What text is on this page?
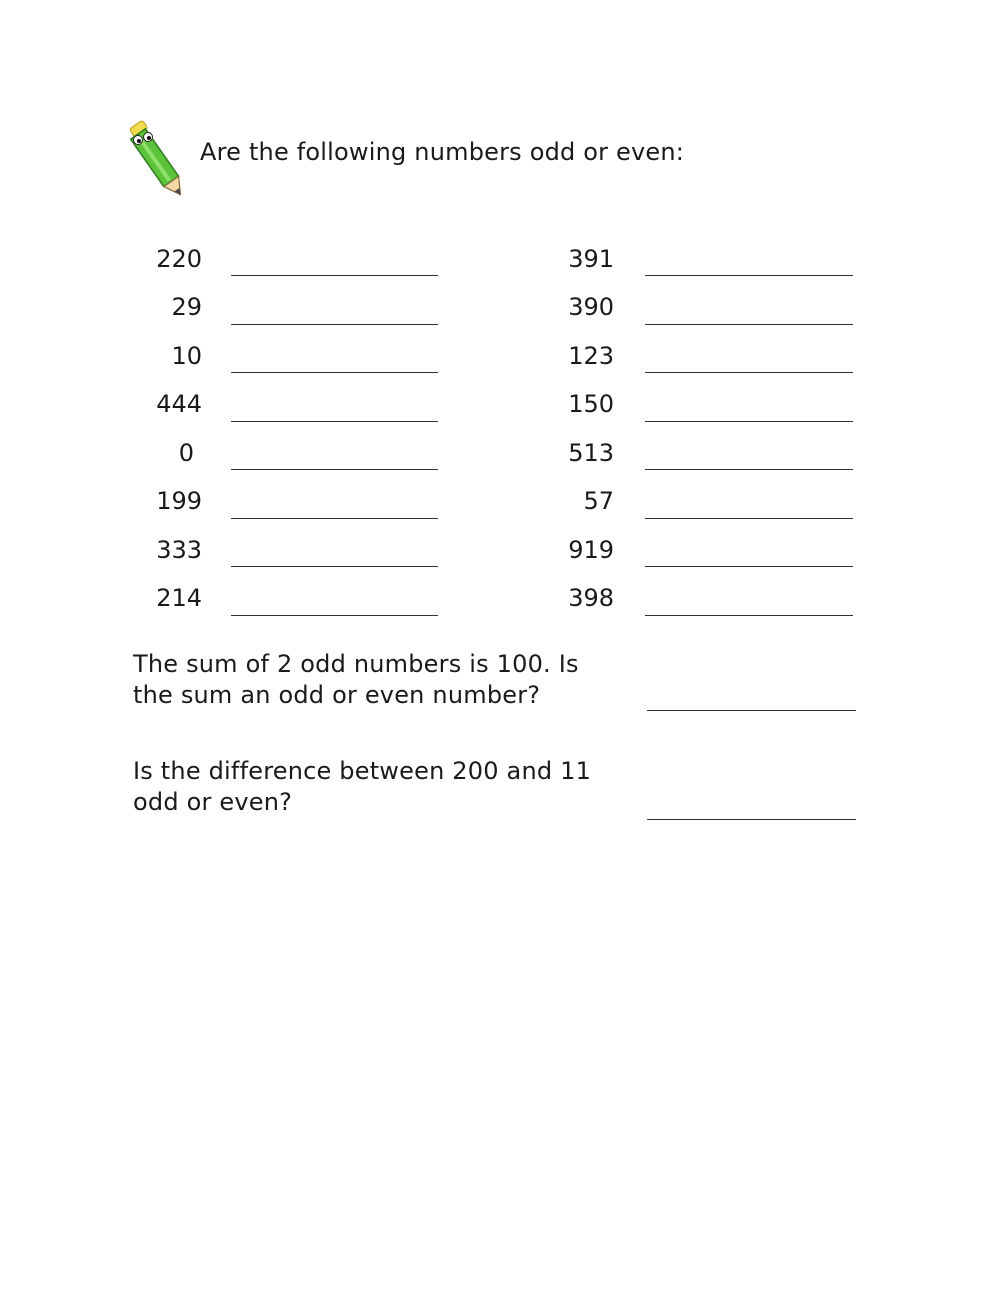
Are the following numbers odd or even:
220
29
10
444
0
199
333
214
391
390
123
150
513
57
919
398
The sum of 2 odd numbers is 100. Is
the sum an odd or even number?
Is the difference between 200 and 11
odd or even?
